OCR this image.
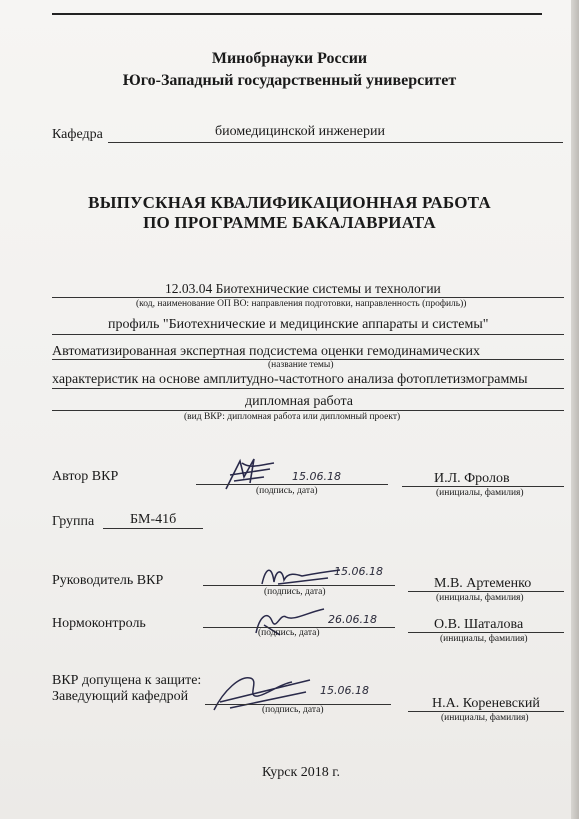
Минобрнауки России
Юго-Западный государственный университет
Кафедра	биомедицинской инженерии
ВЫПУСКНАЯ КВАЛИФИКАЦИОННАЯ РАБОТА
ПО ПРОГРАММЕ БАКАЛАВРИАТА
12.03.04 Биотехнические системы и технологии
(код, наименование ОП ВО: направления подготовки, направленность (профиль))
профиль "Биотехнические и медицинские аппараты и системы"
Автоматизированная экспертная подсистема оценки гемодинамических
(название темы)
характеристик на основе амплитудно-частотного анализа фотоплетизмограммы
дипломная работа
(вид ВКР: дипломная работа или дипломный проект)
Автор ВКР	15.06.18
(подпись, дата)
И.Л. Фролов
(инициалы, фамилия)
Группа	БМ-41б
Руководитель ВКР
15.06.18
(подпись, дата)
М.В. Артеменко
(инициалы, фамилия)
Нормоконтроль	26.06.18
(подпись, дата)
О.В. Шаталова
(инициалы, фамилия)
ВКР допущена к защите:
Заведующий кафедрой	15.06.18
(подпись, дата)	Н.А. Кореневский
(инициалы, фамилия)
Курск 2018 г.
